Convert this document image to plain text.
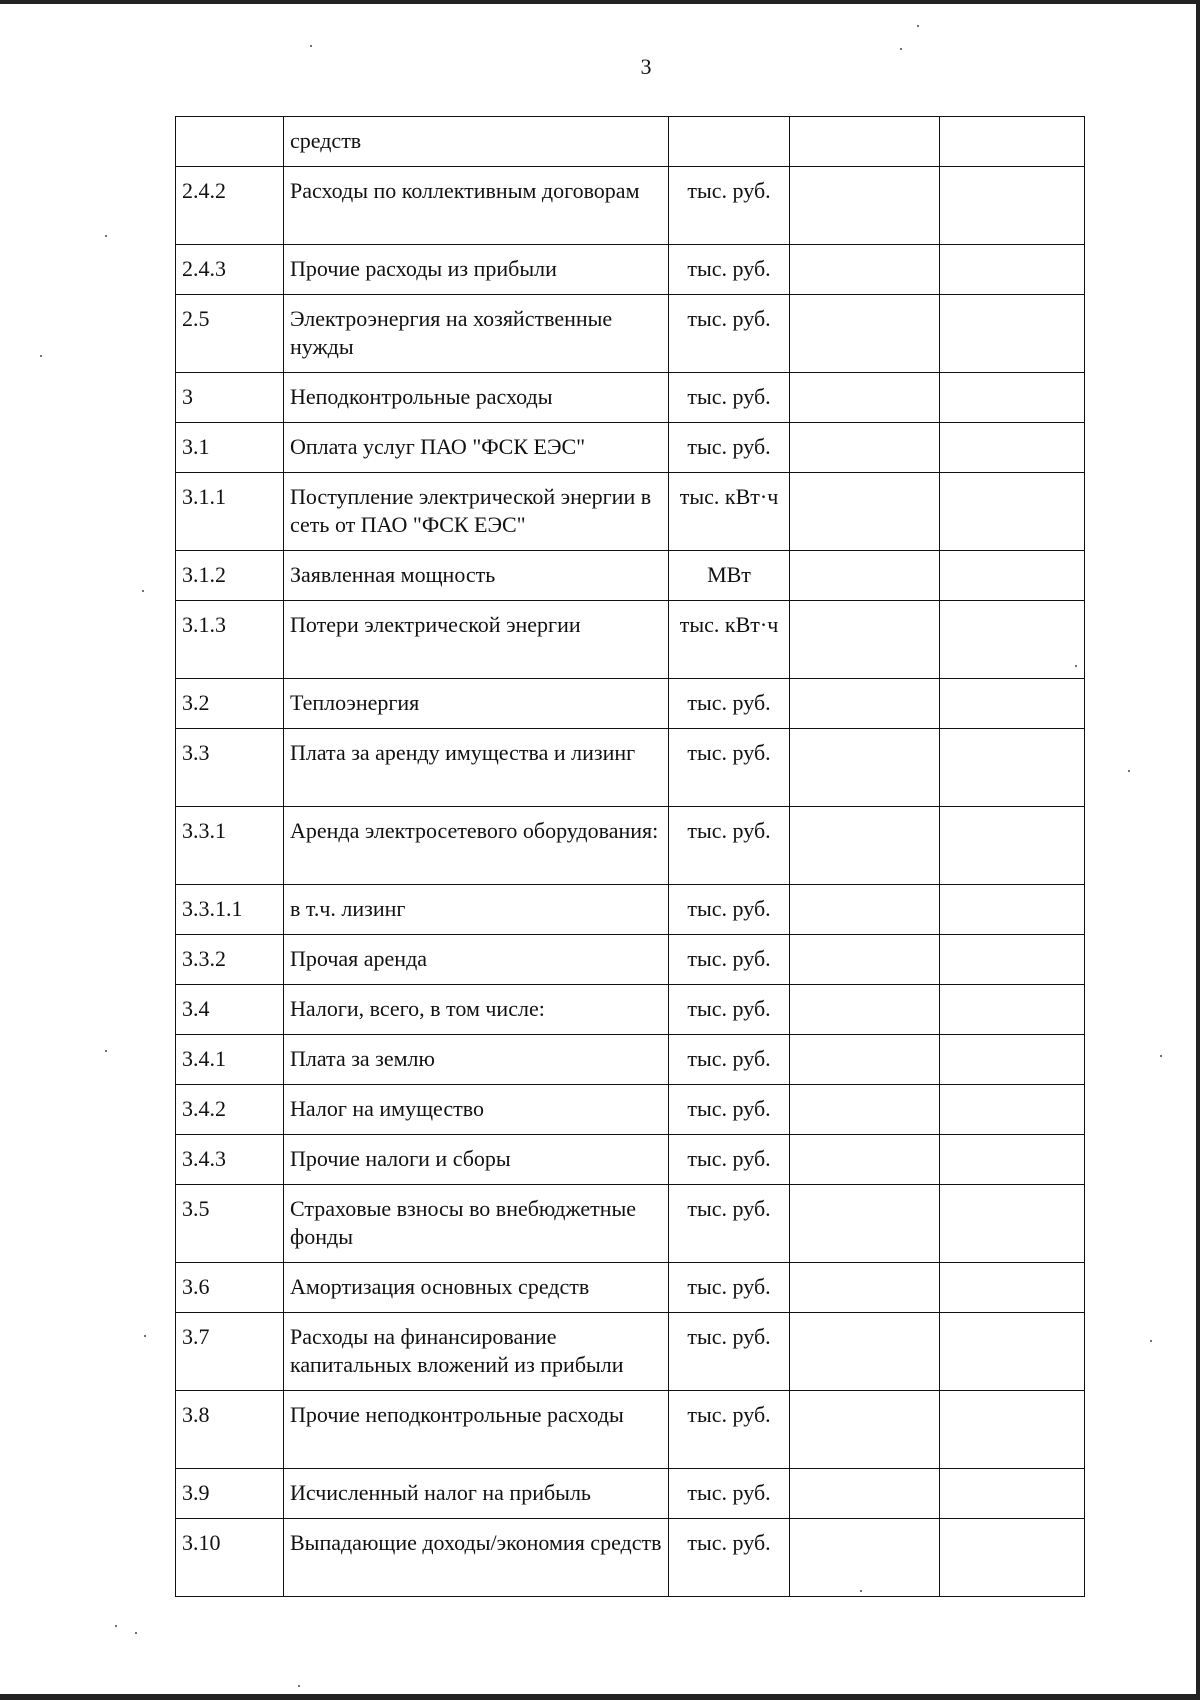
3
	средств			
2.4.2	Расходы по коллективным договорам	тыс. руб.		
2.4.3	Прочие расходы из прибыли	тыс. руб.		
2.5	Электроэнергия на хозяйственные нужды	тыс. руб.		
3	Неподконтрольные расходы	тыс. руб.		
3.1	Оплата услуг ПАО "ФСК ЕЭС"	тыс. руб.		
3.1.1	Поступление электрической энергии в сеть от ПАО "ФСК ЕЭС"	тыс. кВт·ч		
3.1.2	Заявленная мощность	МВт		
3.1.3	Потери электрической энергии	тыс. кВт·ч		
3.2	Теплоэнергия	тыс. руб.		
3.3	Плата за аренду имущества и лизинг	тыс. руб.		
3.3.1	Аренда электросетевого оборудования:	тыс. руб.		
3.3.1.1	в т.ч. лизинг	тыс. руб.		
3.3.2	Прочая аренда	тыс. руб.		
3.4	Налоги, всего, в том числе:	тыс. руб.		
3.4.1	Плата за землю	тыс. руб.		
3.4.2	Налог на имущество	тыс. руб.		
3.4.3	Прочие налоги и сборы	тыс. руб.		
3.5	Страховые взносы во внебюджетные фонды	тыс. руб.		
3.6	Амортизация основных средств	тыс. руб.		
3.7	Расходы на финансирование капитальных вложений из прибыли	тыс. руб.		
3.8	Прочие неподконтрольные расходы	тыс. руб.		
3.9	Исчисленный налог на прибыль	тыс. руб.		
3.10	Выпадающие доходы/экономия средств	тыс. руб.		
